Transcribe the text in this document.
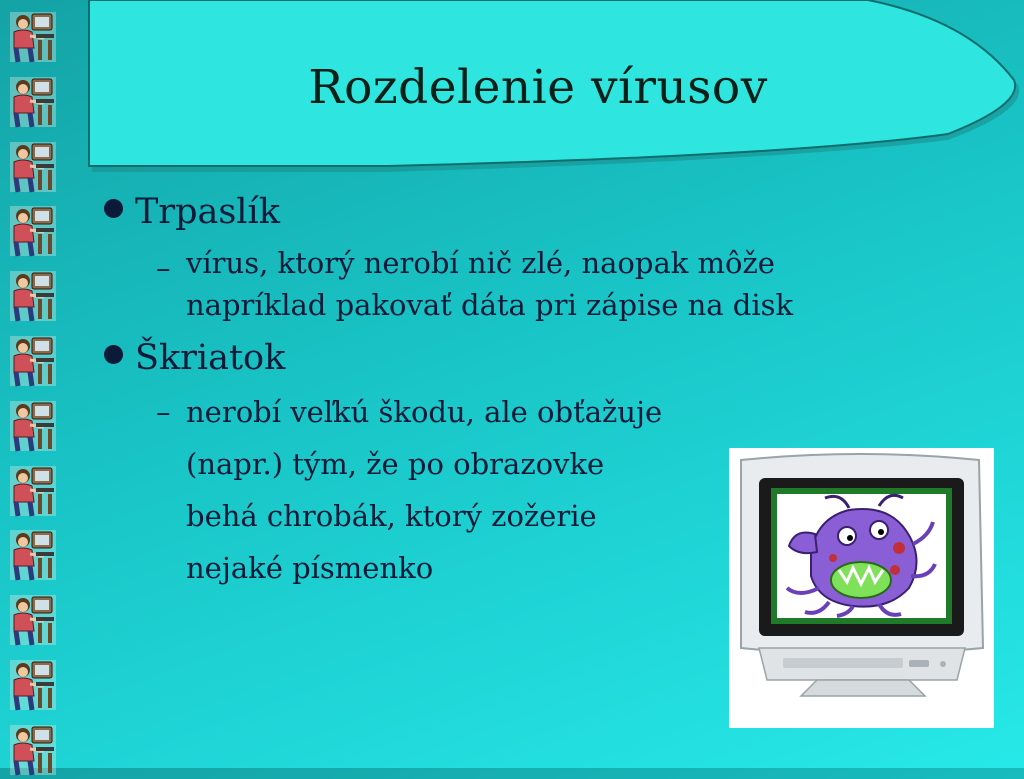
Rozdelenie vírusov
Trpaslík
– vírus, ktorý nerobí nič zlé, naopak môže napríklad pakovať dáta pri zápise na disk
Škriatok
– nerobí veľkú škodu, ale obťažuje
(napr.) tým, že po obrazovke
behá chrobák, ktorý zožerie
nejaké písmenko
